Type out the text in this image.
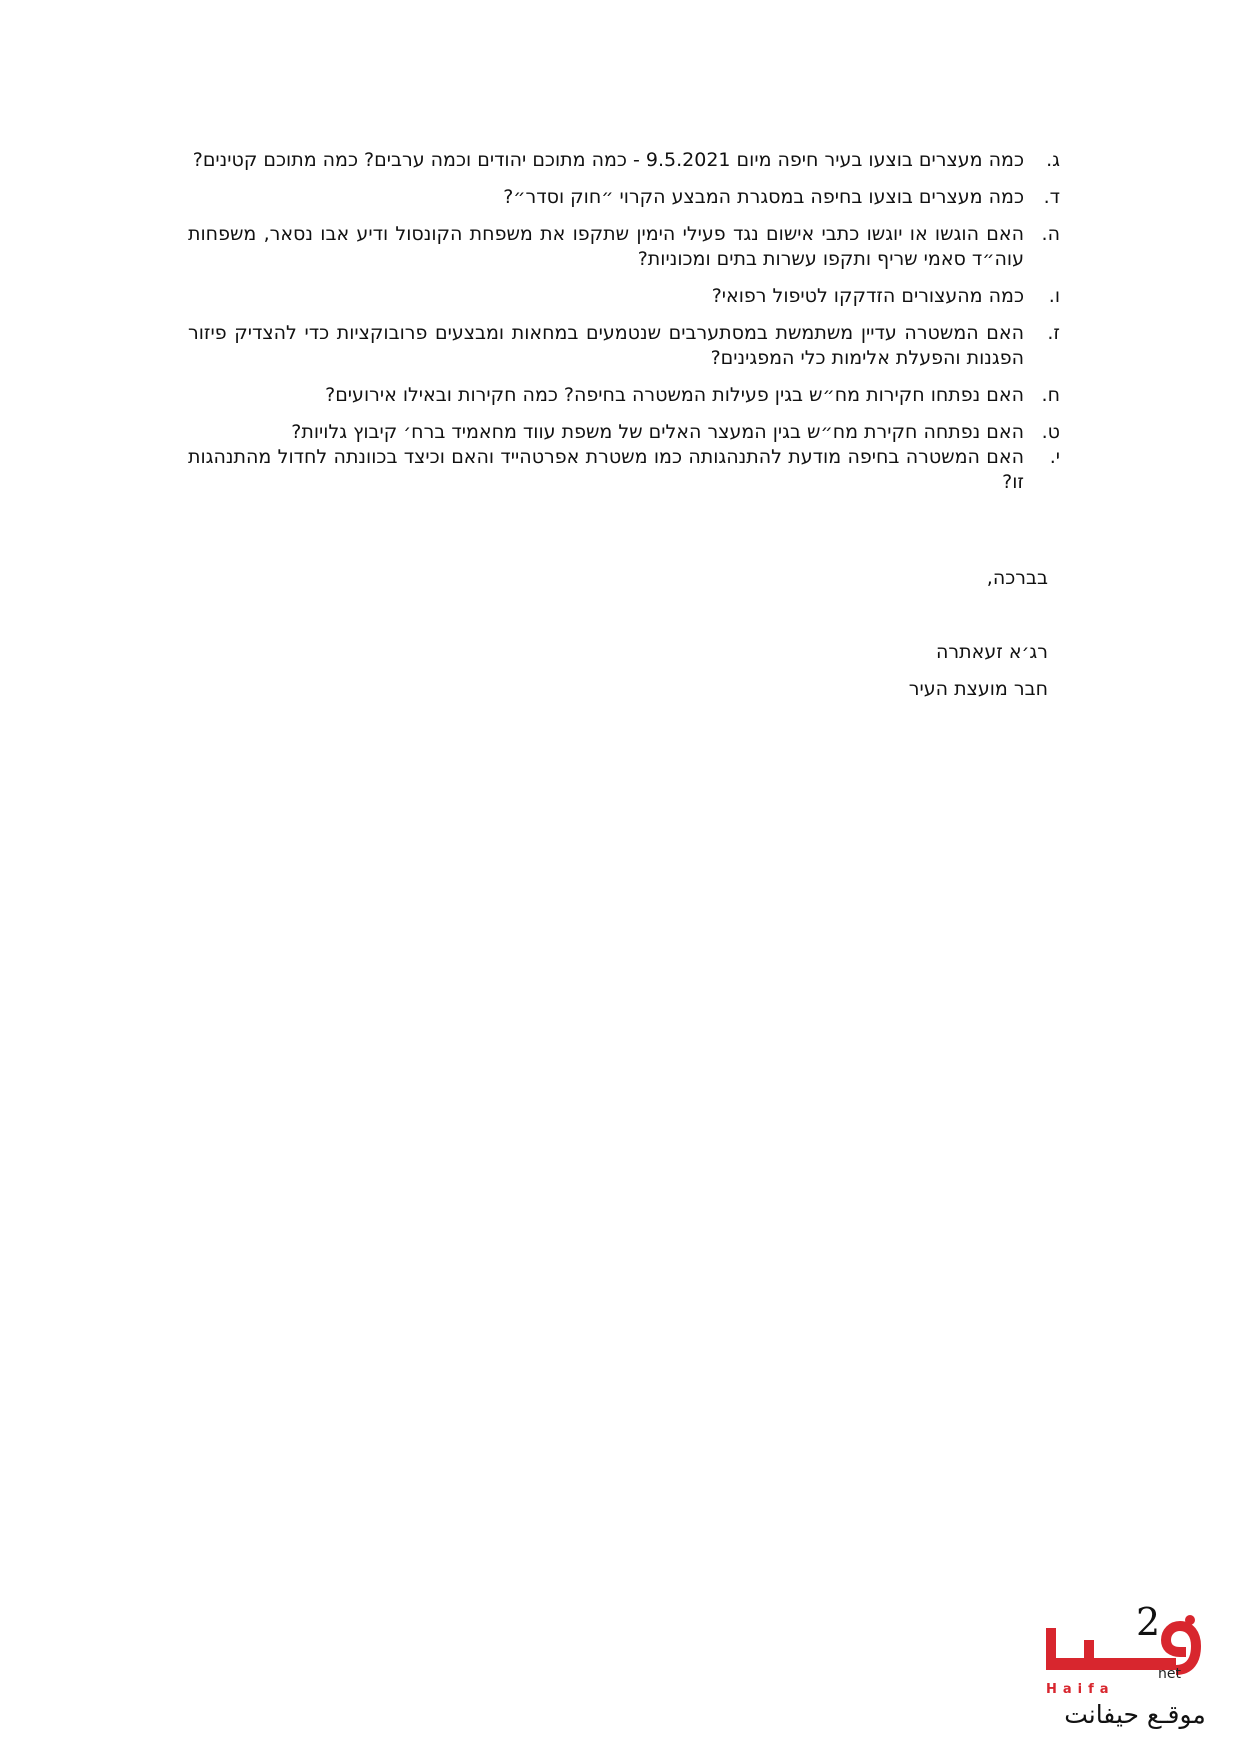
ג.
כמה מעצרים בוצעו בעיר חיפה מיום 9.5.2021 - כמה מתוכם יהודים וכמה ערבים? כמה מתוכם קטינים?
ד.
כמה מעצרים בוצעו בחיפה במסגרת המבצע הקרוי ״חוק וסדר״?
ה.
האם הוגשו או יוגשו כתבי אישום נגד פעילי הימין שתקפו את משפחת הקונסול ודיע אבו נסאר, משפחות עוה״ד סאמי שריף ותקפו עשרות בתים ומכוניות?
ו.
כמה מהעצורים הזדקקו לטיפול רפואי?
ז.
האם המשטרה עדיין משתמשת במסתערבים שנטמעים במחאות ומבצעים פרובוקציות כדי להצדיק פיזור הפגנות והפעלת אלימות כלי המפגינים?
ח.
האם נפתחו חקירות מח״ש בגין פעילות המשטרה בחיפה? כמה חקירות ובאילו אירועים?
ט.
האם נפתחה חקירת מח״ש בגין המעצר האלים של משפת עווד מחאמיד ברח׳ קיבוץ גלויות?
י.
האם המשטרה בחיפה מודעת להתנהגותה כמו משטרת אפרטהייד והאם וכיצד בכוונתה לחדול מהתנהגות זו?
בברכה,
רג׳א זעאתרה
חבר מועצת העיר
2
net
Haifa
موقـع حيفانت
